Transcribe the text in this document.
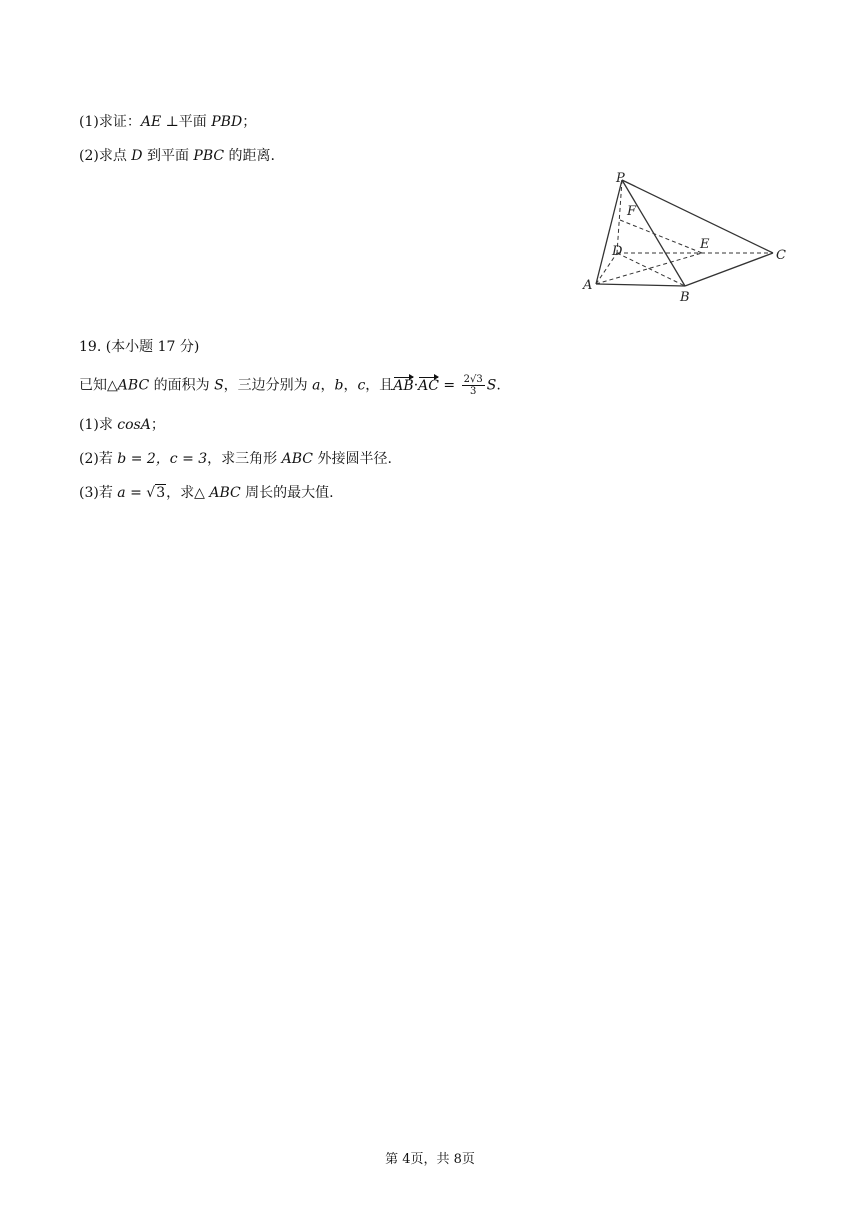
(1)求证：AE ⊥平面 PBD；
(2)求点 D 到平面 PBC 的距离.
P
F
D	E
C
A
B
19. (本小题 17 分)
已知△ABC 的面积为 S，三边分别为 a，b，c，且$AB\cdot AC = \frac{2√3}{3} S$.
(1)求 cosA；
(2)若 b = 2，c = 3，求三角形 ABC 外接圆半径.
(3)若 a = √3，求△ ABC 周长的最大值.
第 4页，共 8页
